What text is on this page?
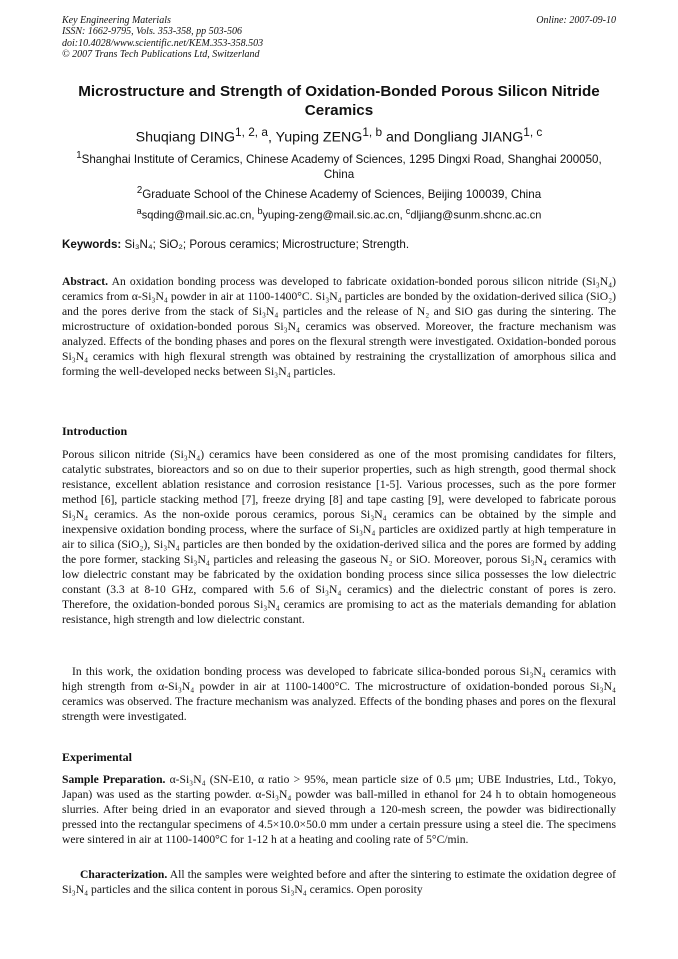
Key Engineering Materials
ISSN: 1662-9795, Vols. 353-358, pp 503-506
doi:10.4028/www.scientific.net/KEM.353-358.503
© 2007 Trans Tech Publications Ltd, Switzerland
Online: 2007-09-10
Microstructure and Strength of Oxidation-Bonded Porous Silicon Nitride Ceramics
Shuqiang DING$^{1, 2, a}$, Yuping ZENG$^{1, b}$ and Dongliang JIANG$^{1, c}$
$^1$Shanghai Institute of Ceramics, Chinese Academy of Sciences, 1295 Dingxi Road, Shanghai 200050, China
$^2$Graduate School of the Chinese Academy of Sciences, Beijing 100039, China
$^a$sqding@mail.sic.ac.cn, $^b$yuping-zeng@mail.sic.ac.cn, $^c$dljiang@sunm.shcnc.ac.cn
Keywords: Si₃N₄; SiO₂; Porous ceramics; Microstructure; Strength.
Abstract. An oxidation bonding process was developed to fabricate oxidation-bonded porous silicon nitride (Si₃N₄) ceramics from α-Si₃N₄ powder in air at 1100-1400°C. Si₃N₄ particles are bonded by the oxidation-derived silica (SiO₂) and the pores derive from the stack of Si₃N₄ particles and the release of N₂ and SiO gas during the sintering. The microstructure of oxidation-bonded porous Si₃N₄ ceramics was observed. Moreover, the fracture mechanism was analyzed. Effects of the bonding phases and pores on the flexural strength were investigated. Oxidation-bonded porous Si₃N₄ ceramics with high flexural strength was obtained by restraining the crystallization of amorphous silica and forming the well-developed necks between Si₃N₄ particles.
Introduction
Porous silicon nitride (Si₃N₄) ceramics have been considered as one of the most promising candidates for filters, catalytic substrates, bioreactors and so on due to their superior properties, such as high strength, good thermal shock resistance, excellent ablation resistance and corrosion resistance [1-5]. Various processes, such as the pore former method [6], particle stacking method [7], freeze drying [8] and tape casting [9], were developed to fabricate porous Si₃N₄ ceramics. As the non-oxide porous ceramics, porous Si₃N₄ ceramics can be obtained by the simple and inexpensive oxidation bonding process, where the surface of Si₃N₄ particles are oxidized partly at high temperature in air to silica (SiO₂), Si₃N₄ particles are then bonded by the oxidation-derived silica and the pores are formed by adding the pore former, stacking Si₃N₄ particles and releasing the gaseous N₂ or SiO. Moreover, porous Si₃N₄ ceramics with low dielectric constant may be fabricated by the oxidation bonding process since silica possesses the low dielectric constant (3.3 at 8-10 GHz, compared with 5.6 of Si₃N₄ ceramics) and the dielectric constant of pores is zero. Therefore, the oxidation-bonded porous Si₃N₄ ceramics are promising to act as the materials demanding for ablation resistance, high strength and low dielectric constant.
In this work, the oxidation bonding process was developed to fabricate silica-bonded porous Si₃N₄ ceramics with high strength from α-Si₃N₄ powder in air at 1100-1400°C. The microstructure of oxidation-bonded porous Si₃N₄ ceramics was observed. The fracture mechanism was analyzed. Effects of the bonding phases and pores on the flexural strength were investigated.
Experimental
Sample Preparation. α-Si₃N₄ (SN-E10, α ratio > 95%, mean particle size of 0.5 μm; UBE Industries, Ltd., Tokyo, Japan) was used as the starting powder. α-Si₃N₄ powder was ball-milled in ethanol for 24 h to obtain homogeneous slurries. After being dried in an evaporator and sieved through a 120-mesh screen, the powder was bidirectionally pressed into the rectangular specimens of 4.5×10.0×50.0 mm under a certain pressure using a steel die. The specimens were sintered in air at 1100-1400°C for 1-12 h at a heating and cooling rate of 5°C/min.
Characterization. All the samples were weighted before and after the sintering to estimate the oxidation degree of Si₃N₄ particles and the silica content in porous Si₃N₄ ceramics. Open porosity
